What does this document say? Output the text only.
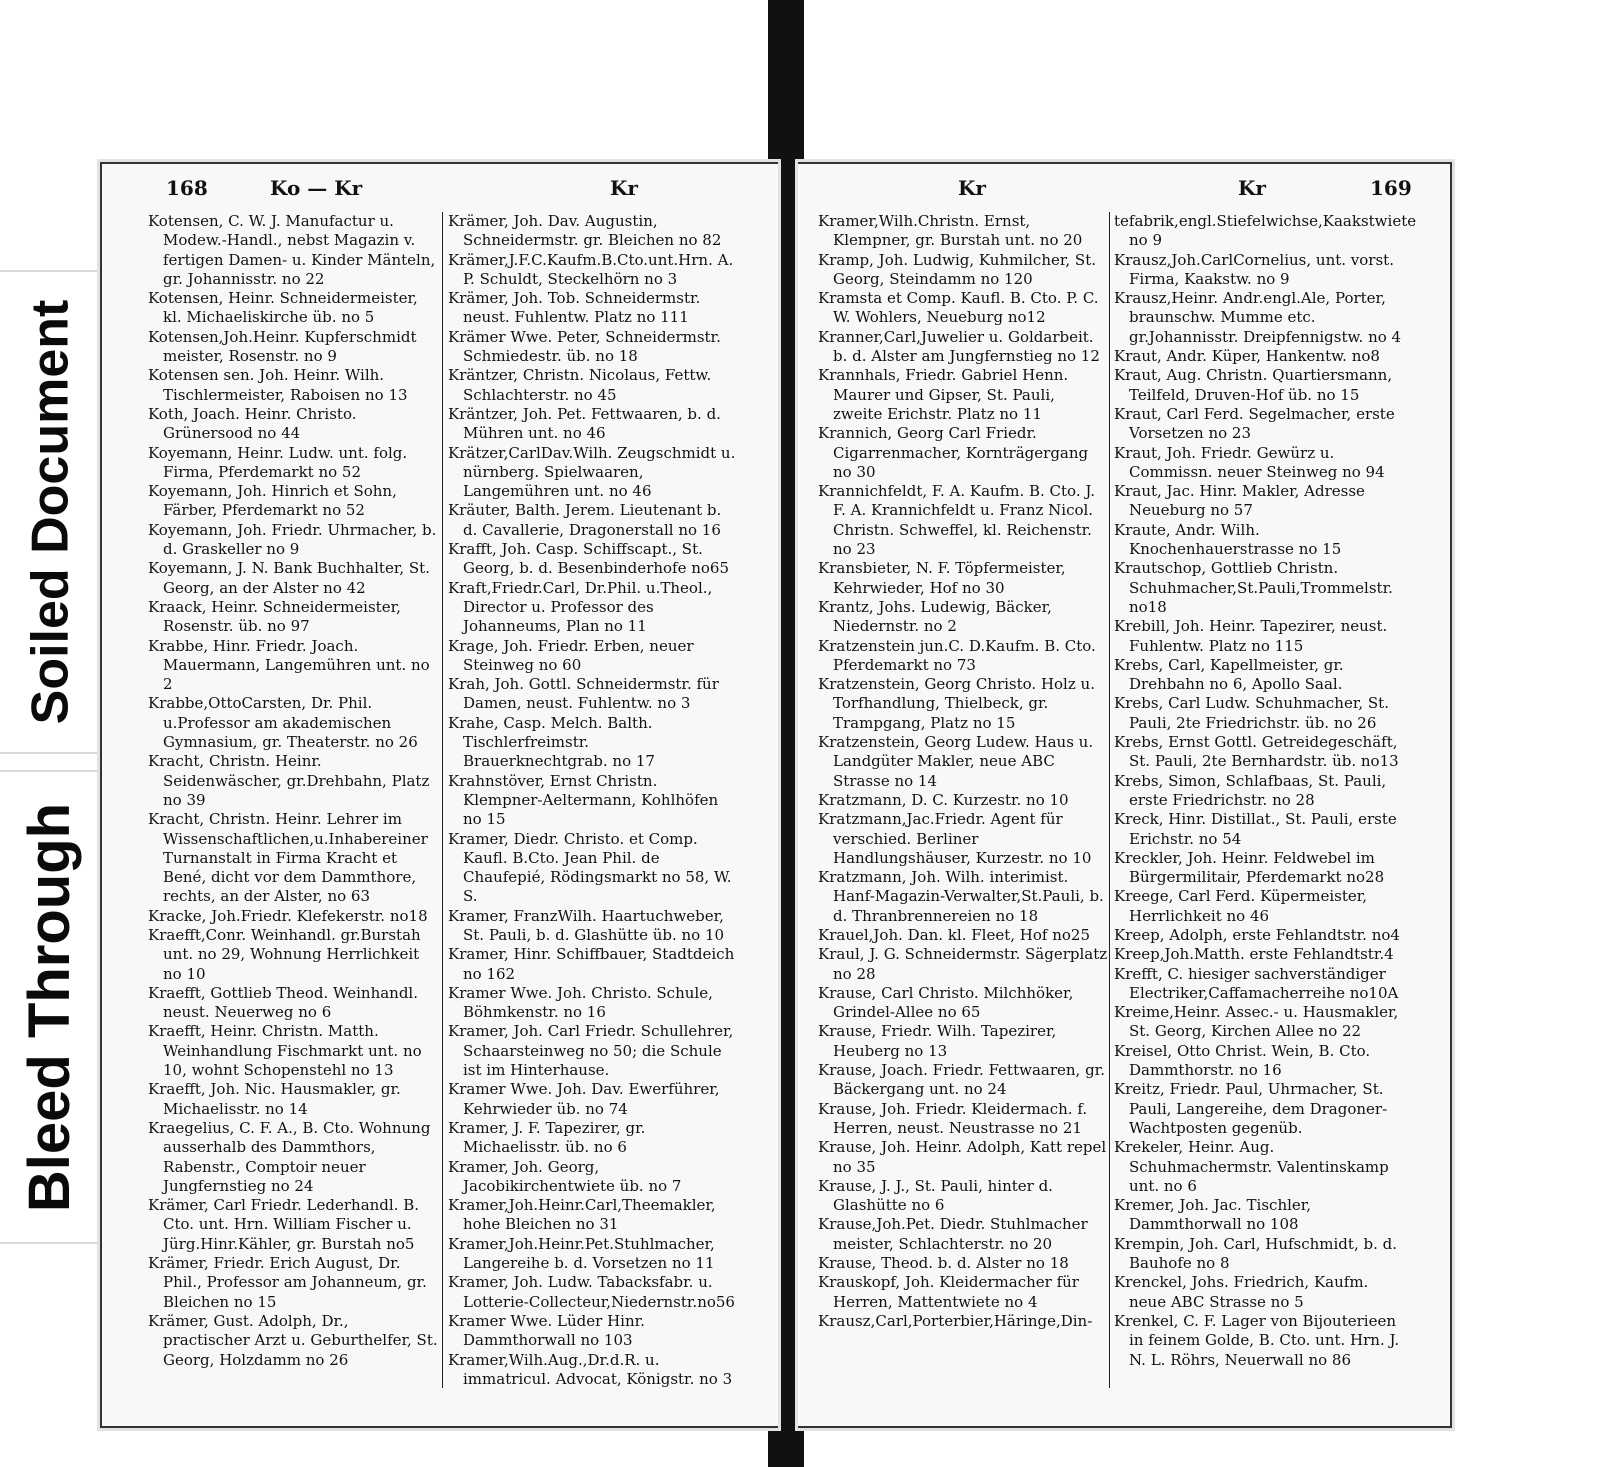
Soiled Document
Bleed Through
168	Ko — Kr	Kr
Kotensen, C. W. J. Manufactur u. Modew.-Handl., nebst Magazin v. fertigen Damen- u. Kinder Mänteln, gr. Johannisstr. no 22
Kotensen, Heinr. Schneidermeister, kl. Michaeliskirche üb. no 5
Kotensen,Joh.Heinr. Kupferschmidt meister, Rosenstr. no 9
Kotensen sen. Joh. Heinr. Wilh. Tischlermeister, Raboisen no 13
Koth, Joach. Heinr. Christo. Grünersood no 44
Koyemann, Heinr. Ludw. unt. folg. Firma, Pferdemarkt no 52
Koyemann, Joh. Hinrich et Sohn, Färber, Pferdemarkt no 52
Koyemann, Joh. Friedr. Uhrmacher, b. d. Graskeller no 9
Koyemann, J. N. Bank Buchhalter, St. Georg, an der Alster no 42
Kraack, Heinr. Schneidermeister, Rosenstr. üb. no 97
Krabbe, Hinr. Friedr. Joach. Mauermann, Langemühren unt. no 2
Krabbe,OttoCarsten, Dr. Phil. u.Professor am akademischen Gymnasium, gr. Theaterstr. no 26
Kracht, Christn. Heinr. Seidenwäscher, gr.Drehbahn, Platz no 39
Kracht, Christn. Heinr. Lehrer im Wissenschaftlichen,u.Inhabereiner Turnanstalt in Firma Kracht et Bené, dicht vor dem Dammthore, rechts, an der Alster, no 63
Kracke, Joh.Friedr. Klefekerstr. no18
Kraefft,Conr. Weinhandl. gr.Burstah unt. no 29, Wohnung Herrlichkeit no 10
Kraefft, Gottlieb Theod. Weinhandl. neust. Neuerweg no 6
Kraefft, Heinr. Christn. Matth. Weinhandlung Fischmarkt unt. no 10, wohnt Schopenstehl no 13
Kraefft, Joh. Nic. Hausmakler, gr. Michaelisstr. no 14
Kraegelius, C. F. A., B. Cto. Wohnung ausserhalb des Dammthors, Rabenstr., Comptoir neuer Jungfernstieg no 24
Krämer, Carl Friedr. Lederhandl. B. Cto. unt. Hrn. William Fischer u. Jürg.Hinr.Kähler, gr. Burstah no5
Krämer, Friedr. Erich August, Dr. Phil., Professor am Johanneum, gr. Bleichen no 15
Krämer, Gust. Adolph, Dr., practischer Arzt u. Geburthelfer, St. Georg, Holzdamm no 26
Krämer, Joh. Dav. Augustin, Schneidermstr. gr. Bleichen no 82
Krämer,J.F.C.Kaufm.B.Cto.unt.Hrn. A. P. Schuldt, Steckelhörn no 3
Krämer, Joh. Tob. Schneidermstr. neust. Fuhlentw. Platz no 111
Krämer Wwe. Peter, Schneidermstr. Schmiedestr. üb. no 18
Kräntzer, Christn. Nicolaus, Fettw. Schlachterstr. no 45
Kräntzer, Joh. Pet. Fettwaaren, b. d. Mühren unt. no 46
Krätzer,CarlDav.Wilh. Zeugschmidt u. nürnberg. Spielwaaren, Langemühren unt. no 46
Kräuter, Balth. Jerem. Lieutenant b. d. Cavallerie, Dragonerstall no 16
Krafft, Joh. Casp. Schiffscapt., St. Georg, b. d. Besenbinderhofe no65
Kraft,Friedr.Carl, Dr.Phil. u.Theol., Director u. Professor des Johanneums, Plan no 11
Krage, Joh. Friedr. Erben, neuer Steinweg no 60
Krah, Joh. Gottl. Schneidermstr. für Damen, neust. Fuhlentw. no 3
Krahe, Casp. Melch. Balth. Tischlerfreimstr. Brauerknechtgrab. no 17
Krahnstöver, Ernst Christn. Klempner-Aeltermann, Kohlhöfen no 15
Kramer, Diedr. Christo. et Comp. Kaufl. B.Cto. Jean Phil. de Chaufepié, Rödingsmarkt no 58, W. S.
Kramer, FranzWilh. Haartuchweber, St. Pauli, b. d. Glashütte üb. no 10
Kramer, Hinr. Schiffbauer, Stadtdeich no 162
Kramer Wwe. Joh. Christo. Schule, Böhmkenstr. no 16
Kramer, Joh. Carl Friedr. Schullehrer, Schaarsteinweg no 50; die Schule ist im Hinterhause.
Kramer Wwe. Joh. Dav. Ewerführer, Kehrwieder üb. no 74
Kramer, J. F. Tapezirer, gr. Michaelisstr. üb. no 6
Kramer, Joh. Georg, Jacobikirchentwiete üb. no 7
Kramer,Joh.Heinr.Carl,Theemakler, hohe Bleichen no 31
Kramer,Joh.Heinr.Pet.Stuhlmacher, Langereihe b. d. Vorsetzen no 11
Kramer, Joh. Ludw. Tabacksfabr. u. Lotterie-Collecteur,Niedernstr.no56
Kramer Wwe. Lüder Hinr. Dammthorwall no 103
Kramer,Wilh.Aug.,Dr.d.R. u. immatricul. Advocat, Königstr. no 3
Kr	Kr	169
Kramer,Wilh.Christn. Ernst, Klempner, gr. Burstah unt. no 20
Kramp, Joh. Ludwig, Kuhmilcher, St. Georg, Steindamm no 120
Kramsta et Comp. Kaufl. B. Cto. P. C. W. Wohlers, Neueburg no12
Kranner,Carl,Juwelier u. Goldarbeit. b. d. Alster am Jungfernstieg no 12
Krannhals, Friedr. Gabriel Henn. Maurer und Gipser, St. Pauli, zweite Erichstr. Platz no 11
Krannich, Georg Carl Friedr. Cigarrenmacher, Kornträgergang no 30
Krannichfeldt, F. A. Kaufm. B. Cto. J. F. A. Krannichfeldt u. Franz Nicol. Christn. Schweffel, kl. Reichenstr. no 23
Kransbieter, N. F. Töpfermeister, Kehrwieder, Hof no 30
Krantz, Johs. Ludewig, Bäcker, Niedernstr. no 2
Kratzenstein jun.C. D.Kaufm. B. Cto. Pferdemarkt no 73
Kratzenstein, Georg Christo. Holz u. Torfhandlung, Thielbeck, gr. Trampgang, Platz no 15
Kratzenstein, Georg Ludew. Haus u. Landgüter Makler, neue ABC Strasse no 14
Kratzmann, D. C. Kurzestr. no 10
Kratzmann,Jac.Friedr. Agent für verschied. Berliner Handlungshäuser, Kurzestr. no 10
Kratzmann, Joh. Wilh. interimist. Hanf-Magazin-Verwalter,St.Pauli, b. d. Thranbrennereien no 18
Krauel,Joh. Dan. kl. Fleet, Hof no25
Kraul, J. G. Schneidermstr. Sägerplatz no 28
Krause, Carl Christo. Milchhöker, Grindel-Allee no 65
Krause, Friedr. Wilh. Tapezirer, Heuberg no 13
Krause, Joach. Friedr. Fettwaaren, gr. Bäckergang unt. no 24
Krause, Joh. Friedr. Kleidermach. f. Herren, neust. Neustrasse no 21
Krause, Joh. Heinr. Adolph, Katt repel no 35
Krause, J. J., St. Pauli, hinter d. Glashütte no 6
Krause,Joh.Pet. Diedr. Stuhlmacher meister, Schlachterstr. no 20
Krause, Theod. b. d. Alster no 18
Krauskopf, Joh. Kleidermacher für Herren, Mattentwiete no 4
Krausz,Carl,Porterbier,Häringe,Din-
tefabrik,engl.Stiefelwichse,Kaakstwiete no 9
Krausz,Joh.CarlCornelius, unt. vorst. Firma, Kaakstw. no 9
Krausz,Heinr. Andr.engl.Ale, Porter, braunschw. Mumme etc. gr.Johannisstr. Dreipfennigstw. no 4
Kraut, Andr. Küper, Hankentw. no8
Kraut, Aug. Christn. Quartiersmann, Teilfeld, Druven-Hof üb. no 15
Kraut, Carl Ferd. Segelmacher, erste Vorsetzen no 23
Kraut, Joh. Friedr. Gewürz u. Commissn. neuer Steinweg no 94
Kraut, Jac. Hinr. Makler, Adresse Neueburg no 57
Kraute, Andr. Wilh. Knochenhauerstrasse no 15
Krautschop, Gottlieb Christn. Schuhmacher,St.Pauli,Trommelstr. no18
Krebill, Joh. Heinr. Tapezirer, neust. Fuhlentw. Platz no 115
Krebs, Carl, Kapellmeister, gr. Drehbahn no 6, Apollo Saal.
Krebs, Carl Ludw. Schuhmacher, St. Pauli, 2te Friedrichstr. üb. no 26
Krebs, Ernst Gottl. Getreidegeschäft, St. Pauli, 2te Bernhardstr. üb. no13
Krebs, Simon, Schlafbaas, St. Pauli, erste Friedrichstr. no 28
Kreck, Hinr. Distillat., St. Pauli, erste Erichstr. no 54
Kreckler, Joh. Heinr. Feldwebel im Bürgermilitair, Pferdemarkt no28
Kreege, Carl Ferd. Küpermeister, Herrlichkeit no 46
Kreep, Adolph, erste Fehlandtstr. no4
Kreep,Joh.Matth. erste Fehlandtstr.4
Krefft, C. hiesiger sachverständiger Electriker,Caffamacherreihe no10A
Kreime,Heinr. Assec.- u. Hausmakler, St. Georg, Kirchen Allee no 22
Kreisel, Otto Christ. Wein, B. Cto. Dammthorstr. no 16
Kreitz, Friedr. Paul, Uhrmacher, St. Pauli, Langereihe, dem Dragoner-Wachtposten gegenüb.
Krekeler, Heinr. Aug. Schuhmachermstr. Valentinskamp unt. no 6
Kremer, Joh. Jac. Tischler, Dammthorwall no 108
Krempin, Joh. Carl, Hufschmidt, b. d. Bauhofe no 8
Krenckel, Johs. Friedrich, Kaufm. neue ABC Strasse no 5
Krenkel, C. F. Lager von Bijouterieen in feinem Golde, B. Cto. unt. Hrn. J. N. L. Röhrs, Neuerwall no 86
